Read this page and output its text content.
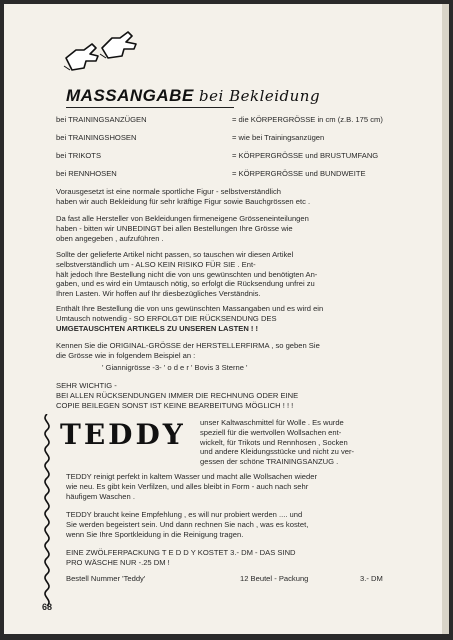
MASSANGABE bei Bekleidung
bei TRAININGSANZÜGEN	= die KÖRPERGRÖSSE in cm (z.B. 175 cm)
bei TRAININGSHOSEN	= wie bei Trainingsanzügen
bei TRIKOTS	= KÖRPERGRÖSSE und BRUSTUMFANG
bei RENNHOSEN	= KÖRPERGRÖSSE und BUNDWEITE
Vorausgesetzt ist eine normale sportliche Figur - selbstverständlich
haben wir auch Bekleidung für sehr kräftige Figur sowie Bauchgrössen etc .
Da fast alle Hersteller von Bekleidungen firmeneigene Grösseneinteilungen
haben - bitten wir UNBEDINGT bei allen Bestellungen Ihre Grösse wie
oben angegeben , aufzuführen .
Sollte der gelieferte Artikel nicht passen, so tauschen wir diesen Artikel
selbstverständlich um - ALSO KEIN RISIKO FÜR SIE . Ent-
hält jedoch Ihre Bestellung nicht die von uns gewünschten und benötigten An-
gaben, und es wird ein Umtausch nötig, so erfolgt die Rücksendung unfrei zu
Ihren Lasten. Wir hoffen auf Ihr diesbezügliches Verständnis.
Enthält Ihre Bestellung die von uns gewünschten Massangaben und es wird ein
Umtausch notwendig - SO ERFOLGT DIE RÜCKSENDUNG DES
UMGETAUSCHTEN ARTIKELS ZU UNSEREN LASTEN ! !
Kennen Sie die ORIGINAL-GRÖSSE der HERSTELLERFIRMA , so geben Sie
die Grösse wie in folgendem Beispiel an :
' Giannigrösse -3- ' o d e r ' Bovis 3 Sterne '
SEHR WICHTIG -
BEI ALLEN RÜCKSENDUNGEN IMMER DIE RECHNUNG ODER EINE
COPIE BEILEGEN SONST IST KEINE BEARBEITUNG MÖGLICH ! ! !
TEDDY unser Kaltwaschmittel für Wolle . Es wurde
speziell für die wertvollen Wollsachen ent-
wickelt, für Trikots und Rennhosen , Socken
und andere Kleidungsstücke und nicht zu ver-
gessen der schöne TRAININGSANZUG .
TEDDY reinigt perfekt in kaltem Wasser und macht alle Wollsachen wieder
wie neu. Es gibt kein Verfilzen, und alles bleibt in Form - auch nach sehr
häufigem Waschen .
TEDDY braucht keine Empfehlung , es will nur probiert werden .... und
Sie werden begeistert sein. Und dann rechnen Sie nach , was es kostet,
wenn Sie Ihre Sportkleidung in die Reinigung tragen.
EINE ZWÖLFERPACKUNG T E D D Y KOSTET 3.- DM - DAS SIND
PRO WÄSCHE NUR -.25 DM !
Bestell Nummer 'Teddy'	12 Beutel - Packung	3.- DM
68
